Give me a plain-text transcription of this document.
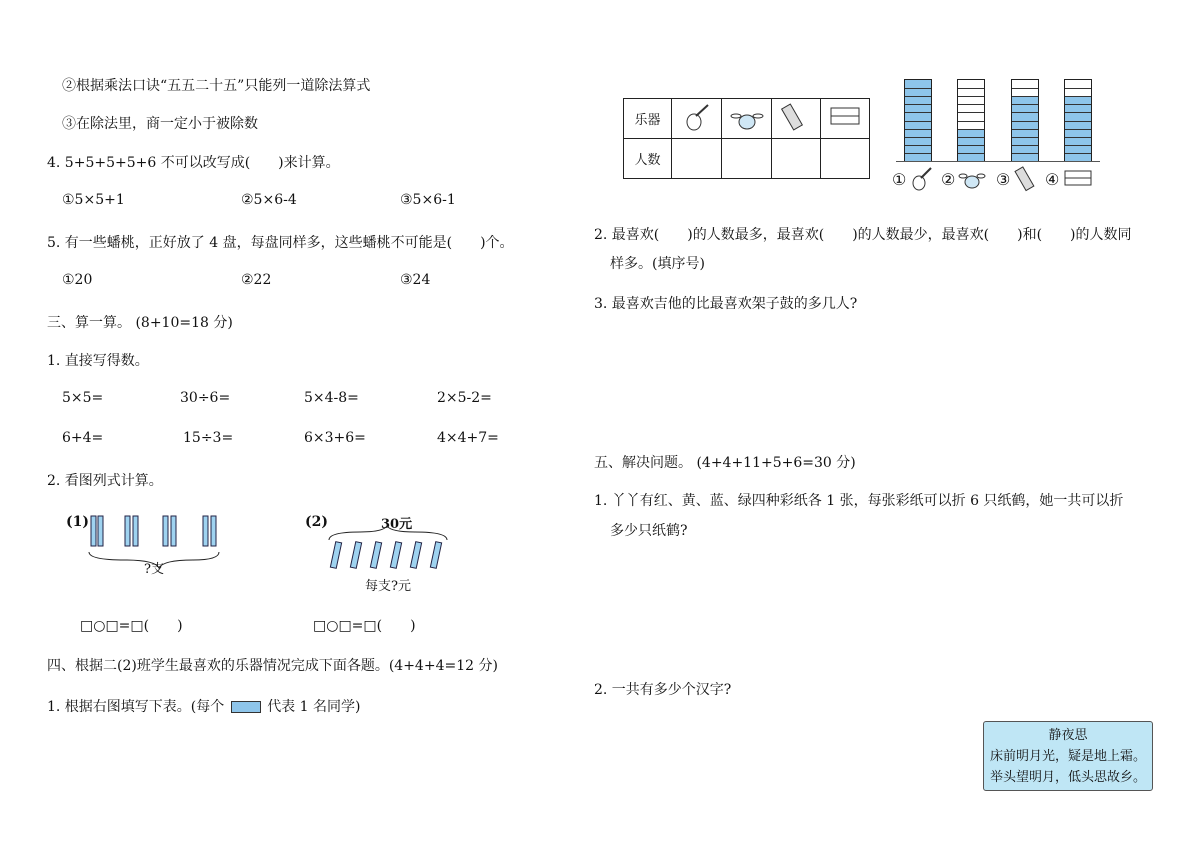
②根据乘法口诀“五五二十五”只能列一道除法算式
③在除法里，商一定小于被除数
4. 5+5+5+5+6 不可以改写成(　　)来计算。
①5×5+1	②5×6-4	③5×6-1
5. 有一些蟠桃，正好放了 4 盘，每盘同样多，这些蟠桃不可能是(　　)个。
①20	②22	③24
三、算一算。 (8+10=18 分)
1. 直接写得数。
5×5=	30÷6=	5×4-8=	2×5-2=
6+4=	15÷3=	6×3+6=	4×4+7=
2. 看图列式计算。
(1)
?支
(2)	30元
每支?元
□○□=□(　　)	□○□=□(　　)
四、根据二(2)班学生最喜欢的乐器情况完成下面各题。(4+4+4=12 分)
1. 根据右图填写下表。(每个	代表 1 名同学)
乐器				
人数				
① ②	③ ④
2. 最喜欢(　　)的人数最多，最喜欢(　　)的人数最少，最喜欢(　　)和(　　)的人数同
样多。(填序号)
3. 最喜欢吉他的比最喜欢架子鼓的多几人?
五、解决问题。 (4+4+11+5+6=30 分)
1. 丫丫有红、黄、蓝、绿四种彩纸各 1 张，每张彩纸可以折 6 只纸鹤，她一共可以折
多少只纸鹤?
2. 一共有多少个汉字?
静夜思
床前明月光，疑是地上霜。
举头望明月，低头思故乡。
